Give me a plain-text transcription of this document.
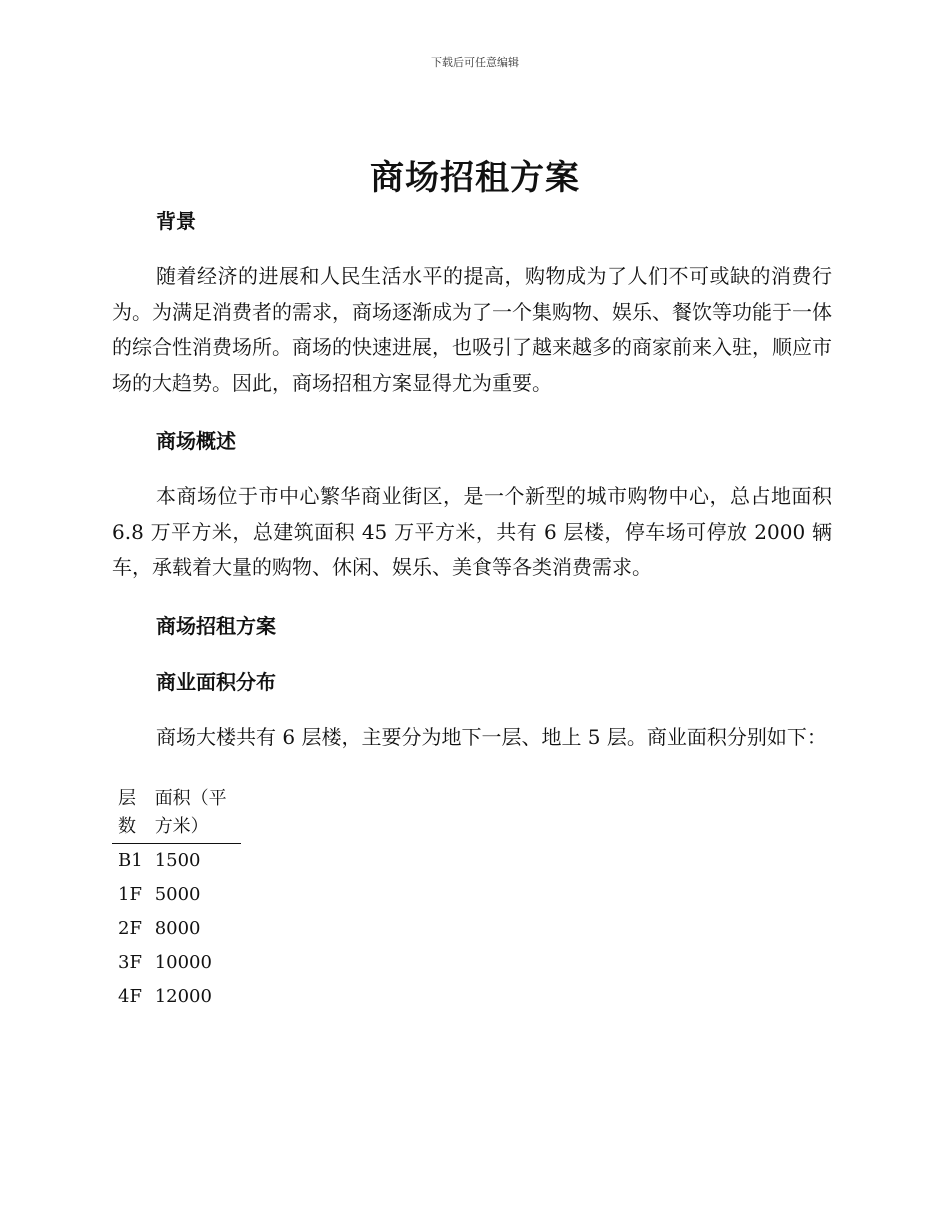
下载后可任意编辑
商场招租方案
背景

随着经济的进展和人民生活水平的提高，购物成为了人们不可或缺的消费行为。为满足消费者的需求，商场逐渐成为了一个集购物、娱乐、餐饮等功能于一体的综合性消费场所。商场的快速进展，也吸引了越来越多的商家前来入驻，顺应市场的大趋势。因此，商场招租方案显得尤为重要。

商场概述

本商场位于市中心繁华商业街区，是一个新型的城市购物中心，总占地面积 6.8 万平方米，总建筑面积 45 万平方米，共有 6 层楼，停车场可停放 2000 辆车，承载着大量的购物、休闲、娱乐、美食等各类消费需求。

商场招租方案
商业面积分布

商场大楼共有 6 层楼，主要分为地下一层、地上 5 层。商业面积分别如下：

层数	面积（平方米）
B1	1500
1F	5000
2F	8000
3F	10000
4F	12000
